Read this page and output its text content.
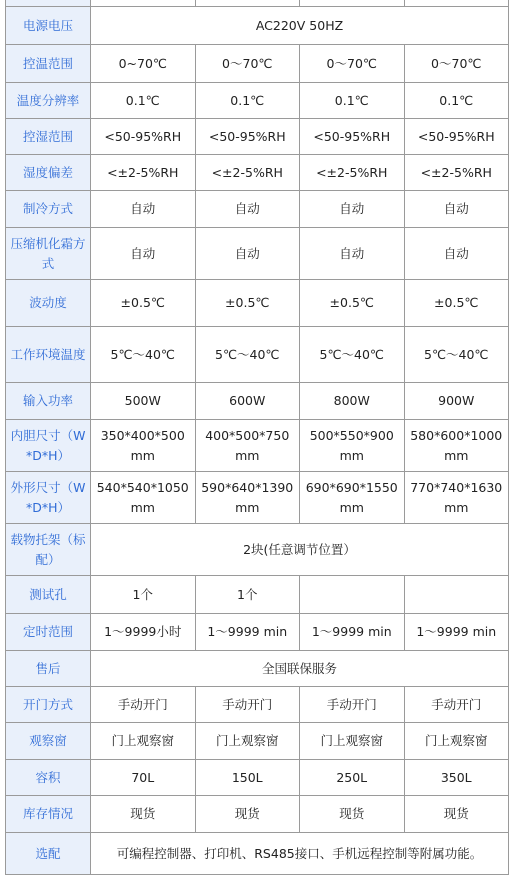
电源电压	AC220V 50HZ			
控温范围	0~70℃	0～70℃	0～70℃	0～70℃
温度分辨率	0.1℃	0.1℃	0.1℃	0.1℃
控湿范围	<50-95%RH	<50-95%RH	<50-95%RH	<50-95%RH
湿度偏差	<±2-5%RH	<±2-5%RH	<±2-5%RH	<±2-5%RH
制冷方式	自动	自动	自动	自动
压缩机化霜方式	自动	自动	自动	自动
波动度	±0.5℃	±0.5℃	±0.5℃	±0.5℃
工作环境温度	5℃～40℃	5℃～40℃	5℃～40℃	5℃～40℃
输入功率	500W	600W	800W	900W
内胆尺寸（W*D*H）	350*400*500 mm	400*500*750 mm	500*550*900 mm	580*600*1000 mm
外形尺寸（W*D*H）	540*540*1050 mm	590*640*1390 mm	690*690*1550 mm	770*740*1630 mm
载物托架（标配）	2块(任意调节位置）			
测试孔	1个	1个		
定时范围	1～9999小时	1～9999 min	1～9999 min	1～9999 min
售后	全国联保服务			
开门方式	手动开门	手动开门	手动开门	手动开门
观察窗	门上观察窗	门上观察窗	门上观察窗	门上观察窗
容积	70L	150L	250L	350L
库存情况	现货	现货	现货	现货
选配	可编程控制器、打印机、RS485接口、手机远程控制等附属功能。			
